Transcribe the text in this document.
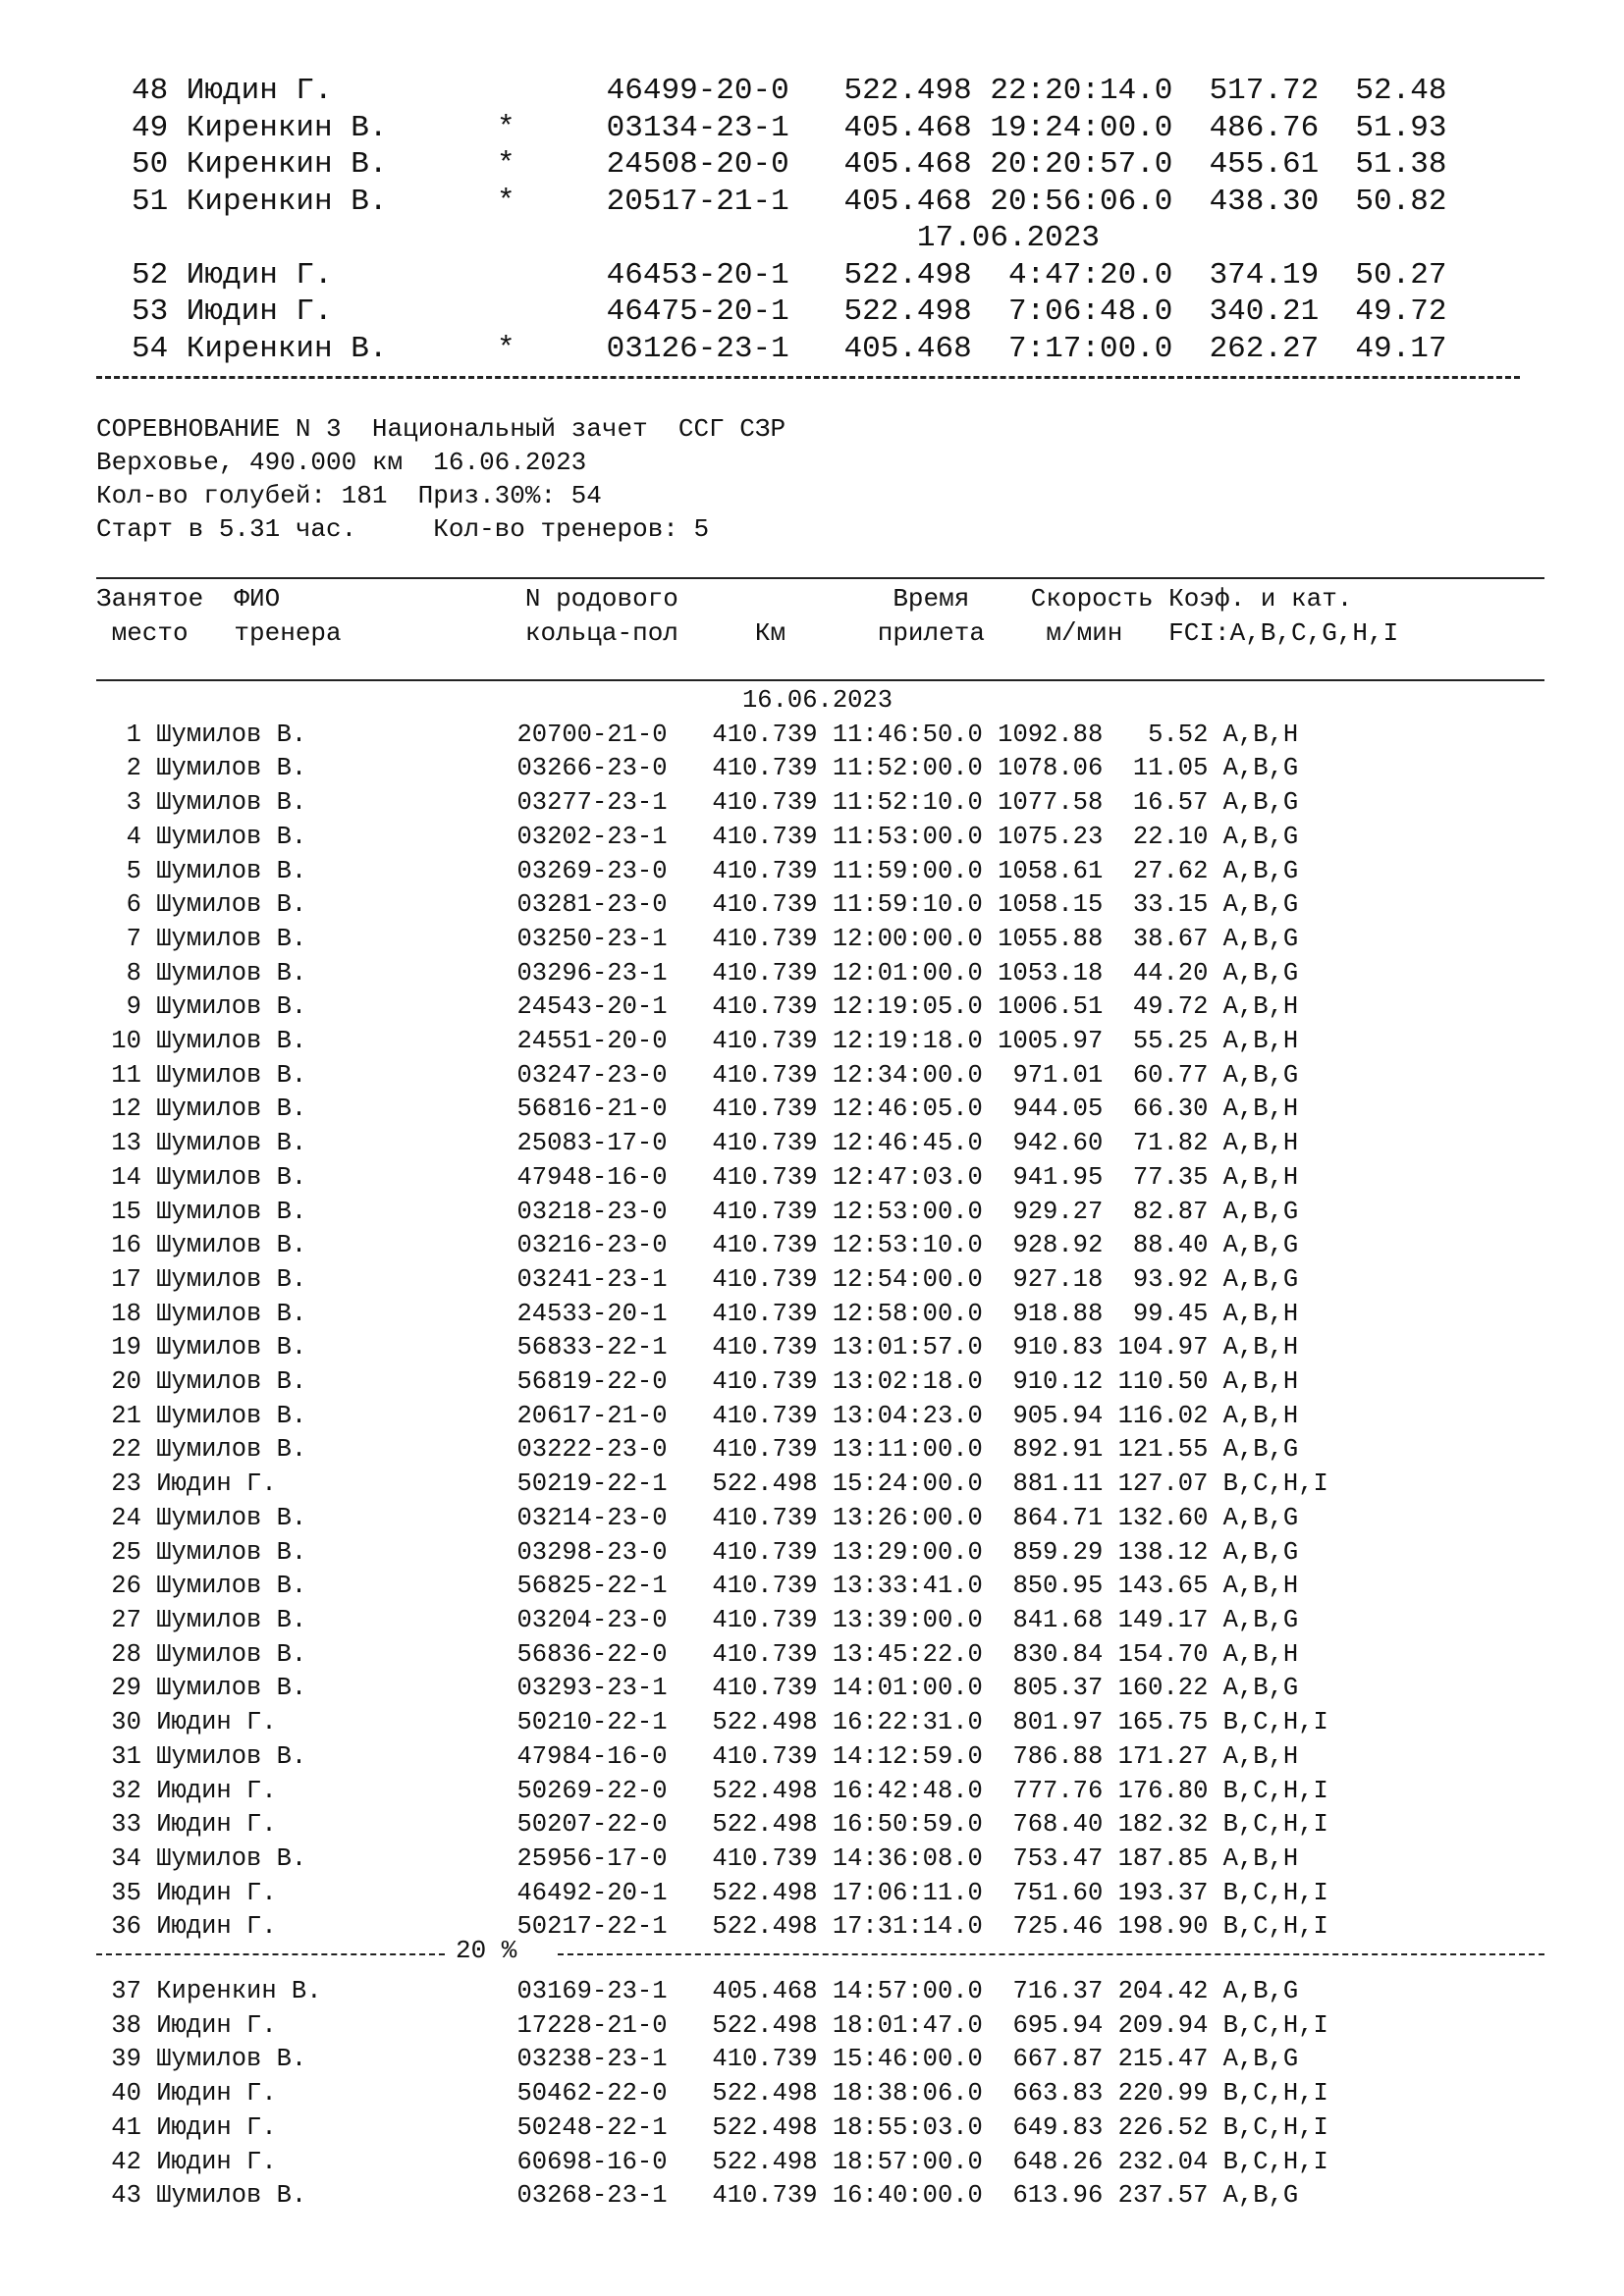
48 Июдин Г.               46499-20-0   522.498 22:20:14.0  517.72  52.48
49 Киренкин В.      *     03134-23-1   405.468 19:24:00.0  486.76  51.93
50 Киренкин В.      *     24508-20-0   405.468 20:20:57.0  455.61  51.38
51 Киренкин В.      *     20517-21-1   405.468 20:56:06.0  438.30  50.82
17.06.2023
52 Июдин Г.               46453-20-1   522.498  4:47:20.0  374.19  50.27
53 Июдин Г.               46475-20-1   522.498  7:06:48.0  340.21  49.72
54 Киренкин В.      *     03126-23-1   405.468  7:17:00.0  262.27  49.17
СОРЕВНОВАНИЕ N 3  Национальный зачет  ССГ СЗР
Верховье, 490.000 км  16.06.2023
Кол-во голубей: 181  Приз.30%: 54
Старт в 5.31 час.     Кол-во тренеров: 5
Занятое  ФИО                N родового              Время    Скорость Коэф. и кат.
место   тренера            кольца-пол     Км      прилета    м/мин   FCI:A,B,C,G,H,I
16.06.2023
1 Шумилов В.              20700-21-0   410.739 11:46:50.0 1092.88   5.52 A,B,H
2 Шумилов В.              03266-23-0   410.739 11:52:00.0 1078.06  11.05 A,B,G
3 Шумилов В.              03277-23-1   410.739 11:52:10.0 1077.58  16.57 A,B,G
4 Шумилов В.              03202-23-1   410.739 11:53:00.0 1075.23  22.10 A,B,G
5 Шумилов В.              03269-23-0   410.739 11:59:00.0 1058.61  27.62 A,B,G
6 Шумилов В.              03281-23-0   410.739 11:59:10.0 1058.15  33.15 A,B,G
7 Шумилов В.              03250-23-1   410.739 12:00:00.0 1055.88  38.67 A,B,G
8 Шумилов В.              03296-23-1   410.739 12:01:00.0 1053.18  44.20 A,B,G
9 Шумилов В.              24543-20-1   410.739 12:19:05.0 1006.51  49.72 A,B,H
10 Шумилов В.              24551-20-0   410.739 12:19:18.0 1005.97  55.25 A,B,H
11 Шумилов В.              03247-23-0   410.739 12:34:00.0  971.01  60.77 A,B,G
12 Шумилов В.              56816-21-0   410.739 12:46:05.0  944.05  66.30 A,B,H
13 Шумилов В.              25083-17-0   410.739 12:46:45.0  942.60  71.82 A,B,H
14 Шумилов В.              47948-16-0   410.739 12:47:03.0  941.95  77.35 A,B,H
15 Шумилов В.              03218-23-0   410.739 12:53:00.0  929.27  82.87 A,B,G
16 Шумилов В.              03216-23-0   410.739 12:53:10.0  928.92  88.40 A,B,G
17 Шумилов В.              03241-23-1   410.739 12:54:00.0  927.18  93.92 A,B,G
18 Шумилов В.              24533-20-1   410.739 12:58:00.0  918.88  99.45 A,B,H
19 Шумилов В.              56833-22-1   410.739 13:01:57.0  910.83 104.97 A,B,H
20 Шумилов В.              56819-22-0   410.739 13:02:18.0  910.12 110.50 A,B,H
21 Шумилов В.              20617-21-0   410.739 13:04:23.0  905.94 116.02 A,B,H
22 Шумилов В.              03222-23-0   410.739 13:11:00.0  892.91 121.55 A,B,G
23 Июдин Г.                50219-22-1   522.498 15:24:00.0  881.11 127.07 B,C,H,I
24 Шумилов В.              03214-23-0   410.739 13:26:00.0  864.71 132.60 A,B,G
25 Шумилов В.              03298-23-0   410.739 13:29:00.0  859.29 138.12 A,B,G
26 Шумилов В.              56825-22-1   410.739 13:33:41.0  850.95 143.65 A,B,H
27 Шумилов В.              03204-23-0   410.739 13:39:00.0  841.68 149.17 A,B,G
28 Шумилов В.              56836-22-0   410.739 13:45:22.0  830.84 154.70 A,B,H
29 Шумилов В.              03293-23-1   410.739 14:01:00.0  805.37 160.22 A,B,G
30 Июдин Г.                50210-22-1   522.498 16:22:31.0  801.97 165.75 B,C,H,I
31 Шумилов В.              47984-16-0   410.739 14:12:59.0  786.88 171.27 A,B,H
32 Июдин Г.                50269-22-0   522.498 16:42:48.0  777.76 176.80 B,C,H,I
33 Июдин Г.                50207-22-0   522.498 16:50:59.0  768.40 182.32 B,C,H,I
34 Шумилов В.              25956-17-0   410.739 14:36:08.0  753.47 187.85 A,B,H
35 Июдин Г.                46492-20-1   522.498 17:06:11.0  751.60 193.37 B,C,H,I
36 Июдин Г.                50217-22-1   522.498 17:31:14.0  725.46 198.90 B,C,H,I
20 %
37 Киренкин В.             03169-23-1   405.468 14:57:00.0  716.37 204.42 A,B,G
38 Июдин Г.                17228-21-0   522.498 18:01:47.0  695.94 209.94 B,C,H,I
39 Шумилов В.              03238-23-1   410.739 15:46:00.0  667.87 215.47 A,B,G
40 Июдин Г.                50462-22-0   522.498 18:38:06.0  663.83 220.99 B,C,H,I
41 Июдин Г.                50248-22-1   522.498 18:55:03.0  649.83 226.52 B,C,H,I
42 Июдин Г.                60698-16-0   522.498 18:57:00.0  648.26 232.04 B,C,H,I
43 Шумилов В.              03268-23-1   410.739 16:40:00.0  613.96 237.57 A,B,G
